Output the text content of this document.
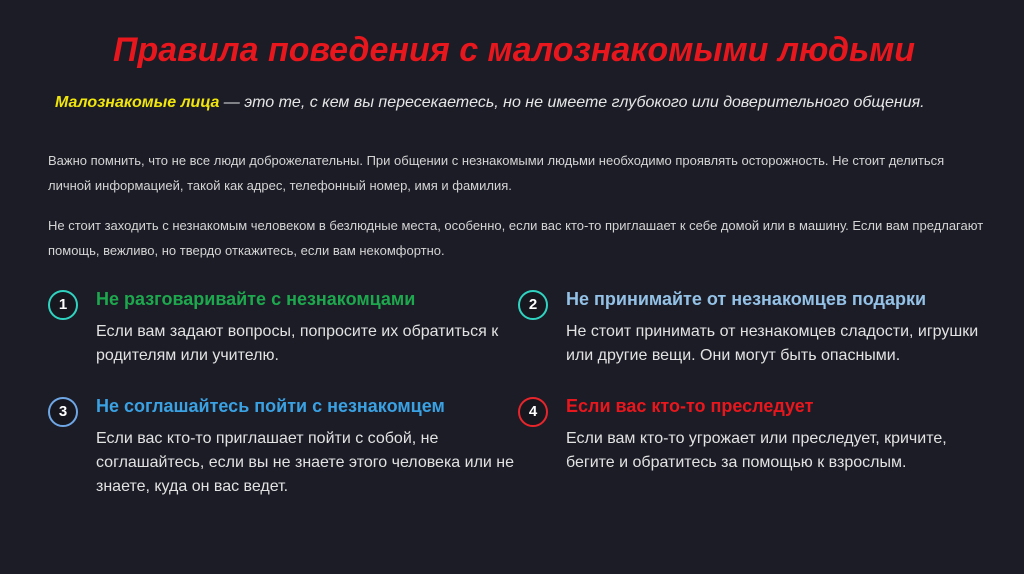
Правила поведения с малознакомыми людьми

Малознакомые лица — это те, с кем вы пересекаетесь, но не имеете глубокого или доверительного общения.

Важно помнить, что не все люди доброжелательны. При общении с незнакомыми людьми необходимо проявлять осторожность. Не стоит делиться личной информацией, такой как адрес, телефонный номер, имя и фамилия.

Не стоит заходить с незнакомым человеком в безлюдные места, особенно, если вас кто-то приглашает к себе домой или в машину. Если вам предлагают помощь, вежливо, но твердо откажитесь, если вам некомфортно.

1	Не разговаривайте с незнакомцами

Если вам задают вопросы, попросите их обратиться к родителям или учителю.

2	Не принимайте от незнакомцев подарки

Не стоит принимать от незнакомцев сладости, игрушки или другие вещи. Они могут быть опасными.

3	Не соглашайтесь пойти с незнакомцем

Если вас кто-то приглашает пойти с собой, не соглашайтесь, если вы не знаете этого человека или не знаете, куда он вас ведет.

4	Если вас кто-то преследует

Если вам кто-то угрожает или преследует, кричите, бегите и обратитесь за помощью к взрослым.
